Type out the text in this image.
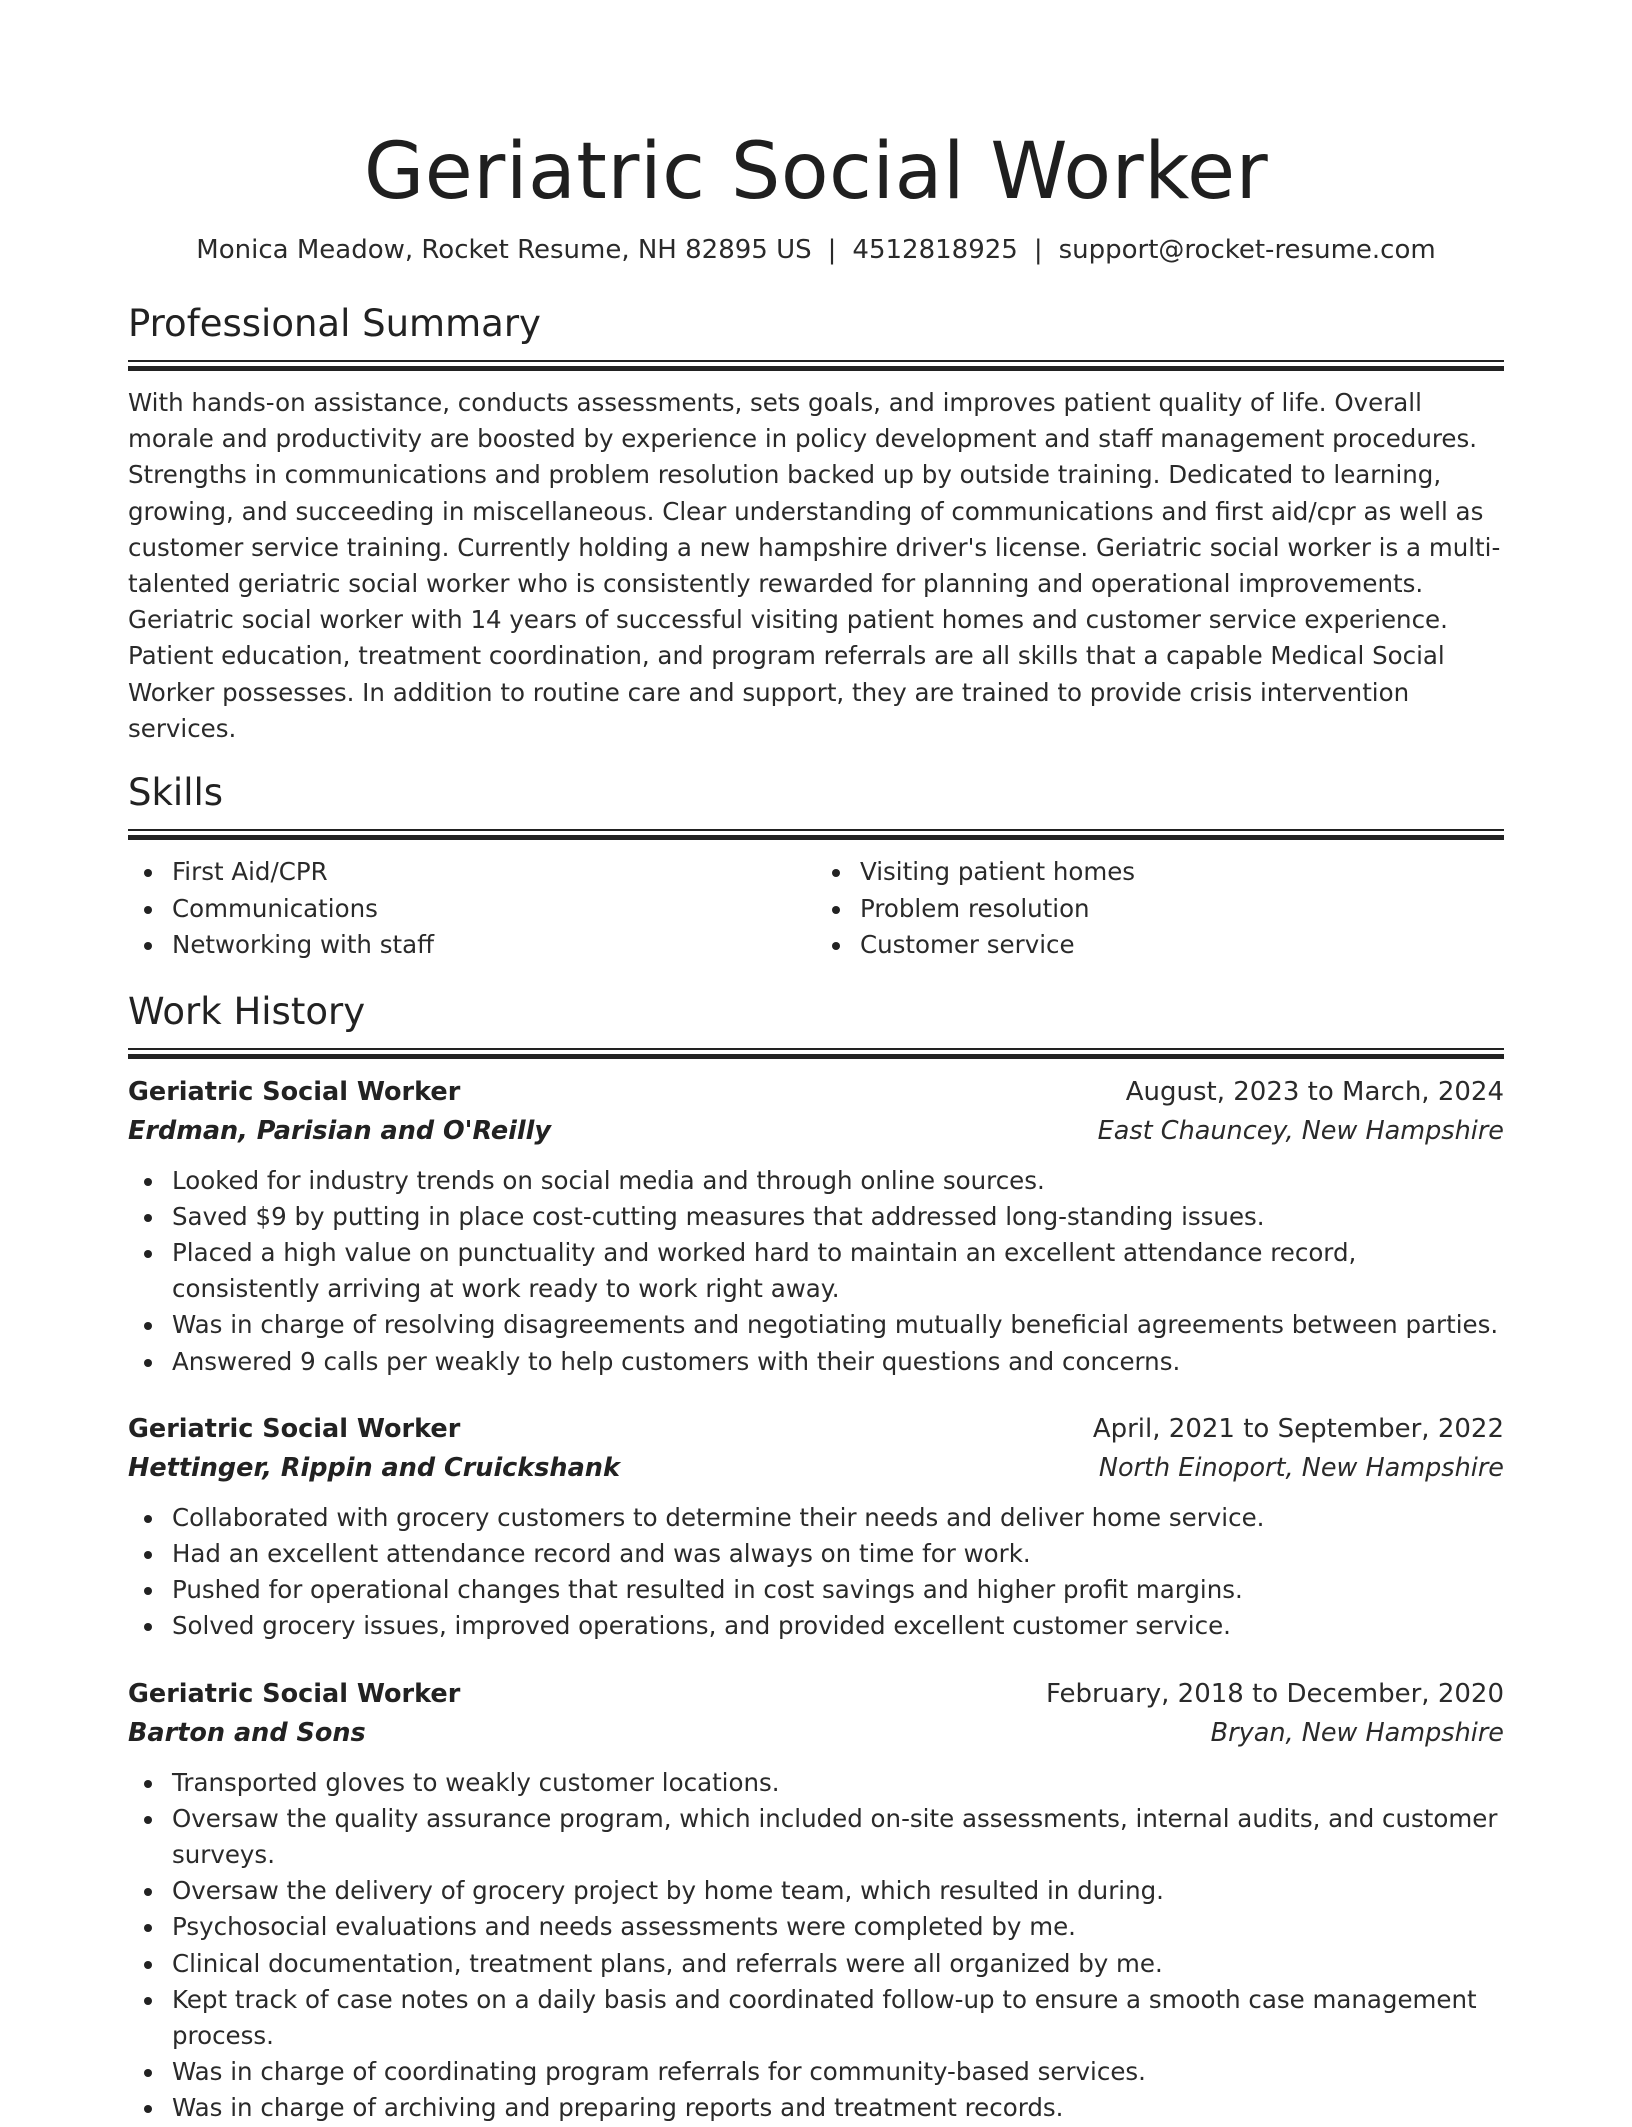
Geriatric Social Worker
Monica Meadow, Rocket Resume, NH 82895 US | 4512818925 | support@rocket-resume.com
Professional Summary

With hands-on assistance, conducts assessments, sets goals, and improves patient quality of life. Overall morale and productivity are boosted by experience in policy development and staff management procedures. Strengths in communications and problem resolution backed up by outside training. Dedicated to learning, growing, and succeeding in miscellaneous. Clear understanding of communications and first aid/cpr as well as customer service training. Currently holding a new hampshire driver's license. Geriatric social worker is a multi-talented geriatric social worker who is consistently rewarded for planning and operational improvements. Geriatric social worker with 14 years of successful visiting patient homes and customer service experience. Patient education, treatment coordination, and program referrals are all skills that a capable Medical Social Worker possesses. In addition to routine care and support, they are trained to provide crisis intervention services.

Skills
First Aid/CPR
Communications
Networking with staff
Visiting patient homes
Problem resolution
Customer service
Work History
Geriatric Social Worker	August, 2023 to March, 2024
Erdman, Parisian and O'Reilly	East Chauncey, New Hampshire
Looked for industry trends on social media and through online sources.
Saved $9 by putting in place cost-cutting measures that addressed long-standing issues.
Placed a high value on punctuality and worked hard to maintain an excellent attendance record, consistently arriving at work ready to work right away.
Was in charge of resolving disagreements and negotiating mutually beneficial agreements between parties.
Answered 9 calls per weakly to help customers with their questions and concerns.
Geriatric Social Worker	April, 2021 to September, 2022
Hettinger, Rippin and Cruickshank	North Einoport, New Hampshire
Collaborated with grocery customers to determine their needs and deliver home service.
Had an excellent attendance record and was always on time for work.
Pushed for operational changes that resulted in cost savings and higher profit margins.
Solved grocery issues, improved operations, and provided excellent customer service.
Geriatric Social Worker	February, 2018 to December, 2020
Barton and Sons	Bryan, New Hampshire
Transported gloves to weakly customer locations.
Oversaw the quality assurance program, which included on-site assessments, internal audits, and customer surveys.
Oversaw the delivery of grocery project by home team, which resulted in during.
Psychosocial evaluations and needs assessments were completed by me.
Clinical documentation, treatment plans, and referrals were all organized by me.
Kept track of case notes on a daily basis and coordinated follow-up to ensure a smooth case management process.
Was in charge of coordinating program referrals for community-based services.
Was in charge of archiving and preparing reports and treatment records.
